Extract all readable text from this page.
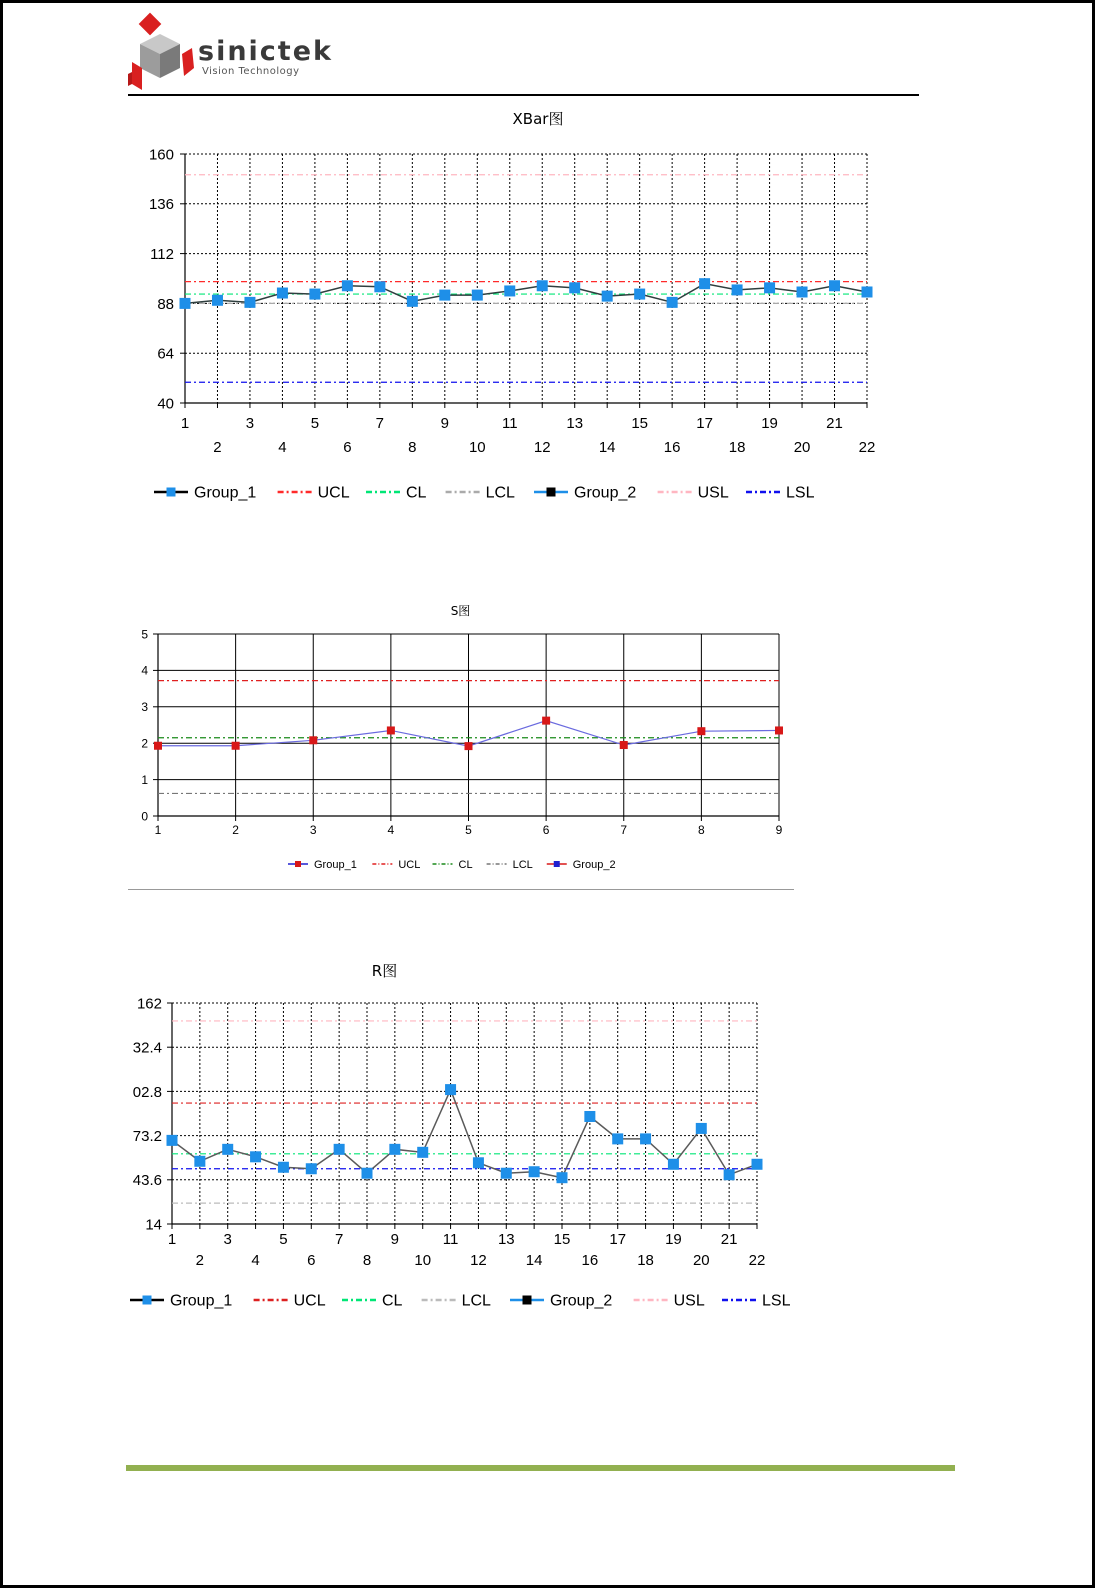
sinictek
Vision Technology
XBar图
160
136
112
88
64
40
1
2
3
4
5
6
7
8
9
10
11
12
13
14
15
16
17
18
19
20
21
22
Group_1	UCL	CL	LCL	Group_2	USL	LSL
S图
5
4
3
2
1
0
1	2	3	4	5	6	7	8	9
Group_1	UCL	CL	LCL	Group_2
R图
162
32.4
02.8
73.2
43.6
14
1
2
3
4
5
6
7
8
9
10
11
12
13
14
15
16
17
18
19
20
21
22
Group_1	UCL	CL	LCL	Group_2	USL	LSL
